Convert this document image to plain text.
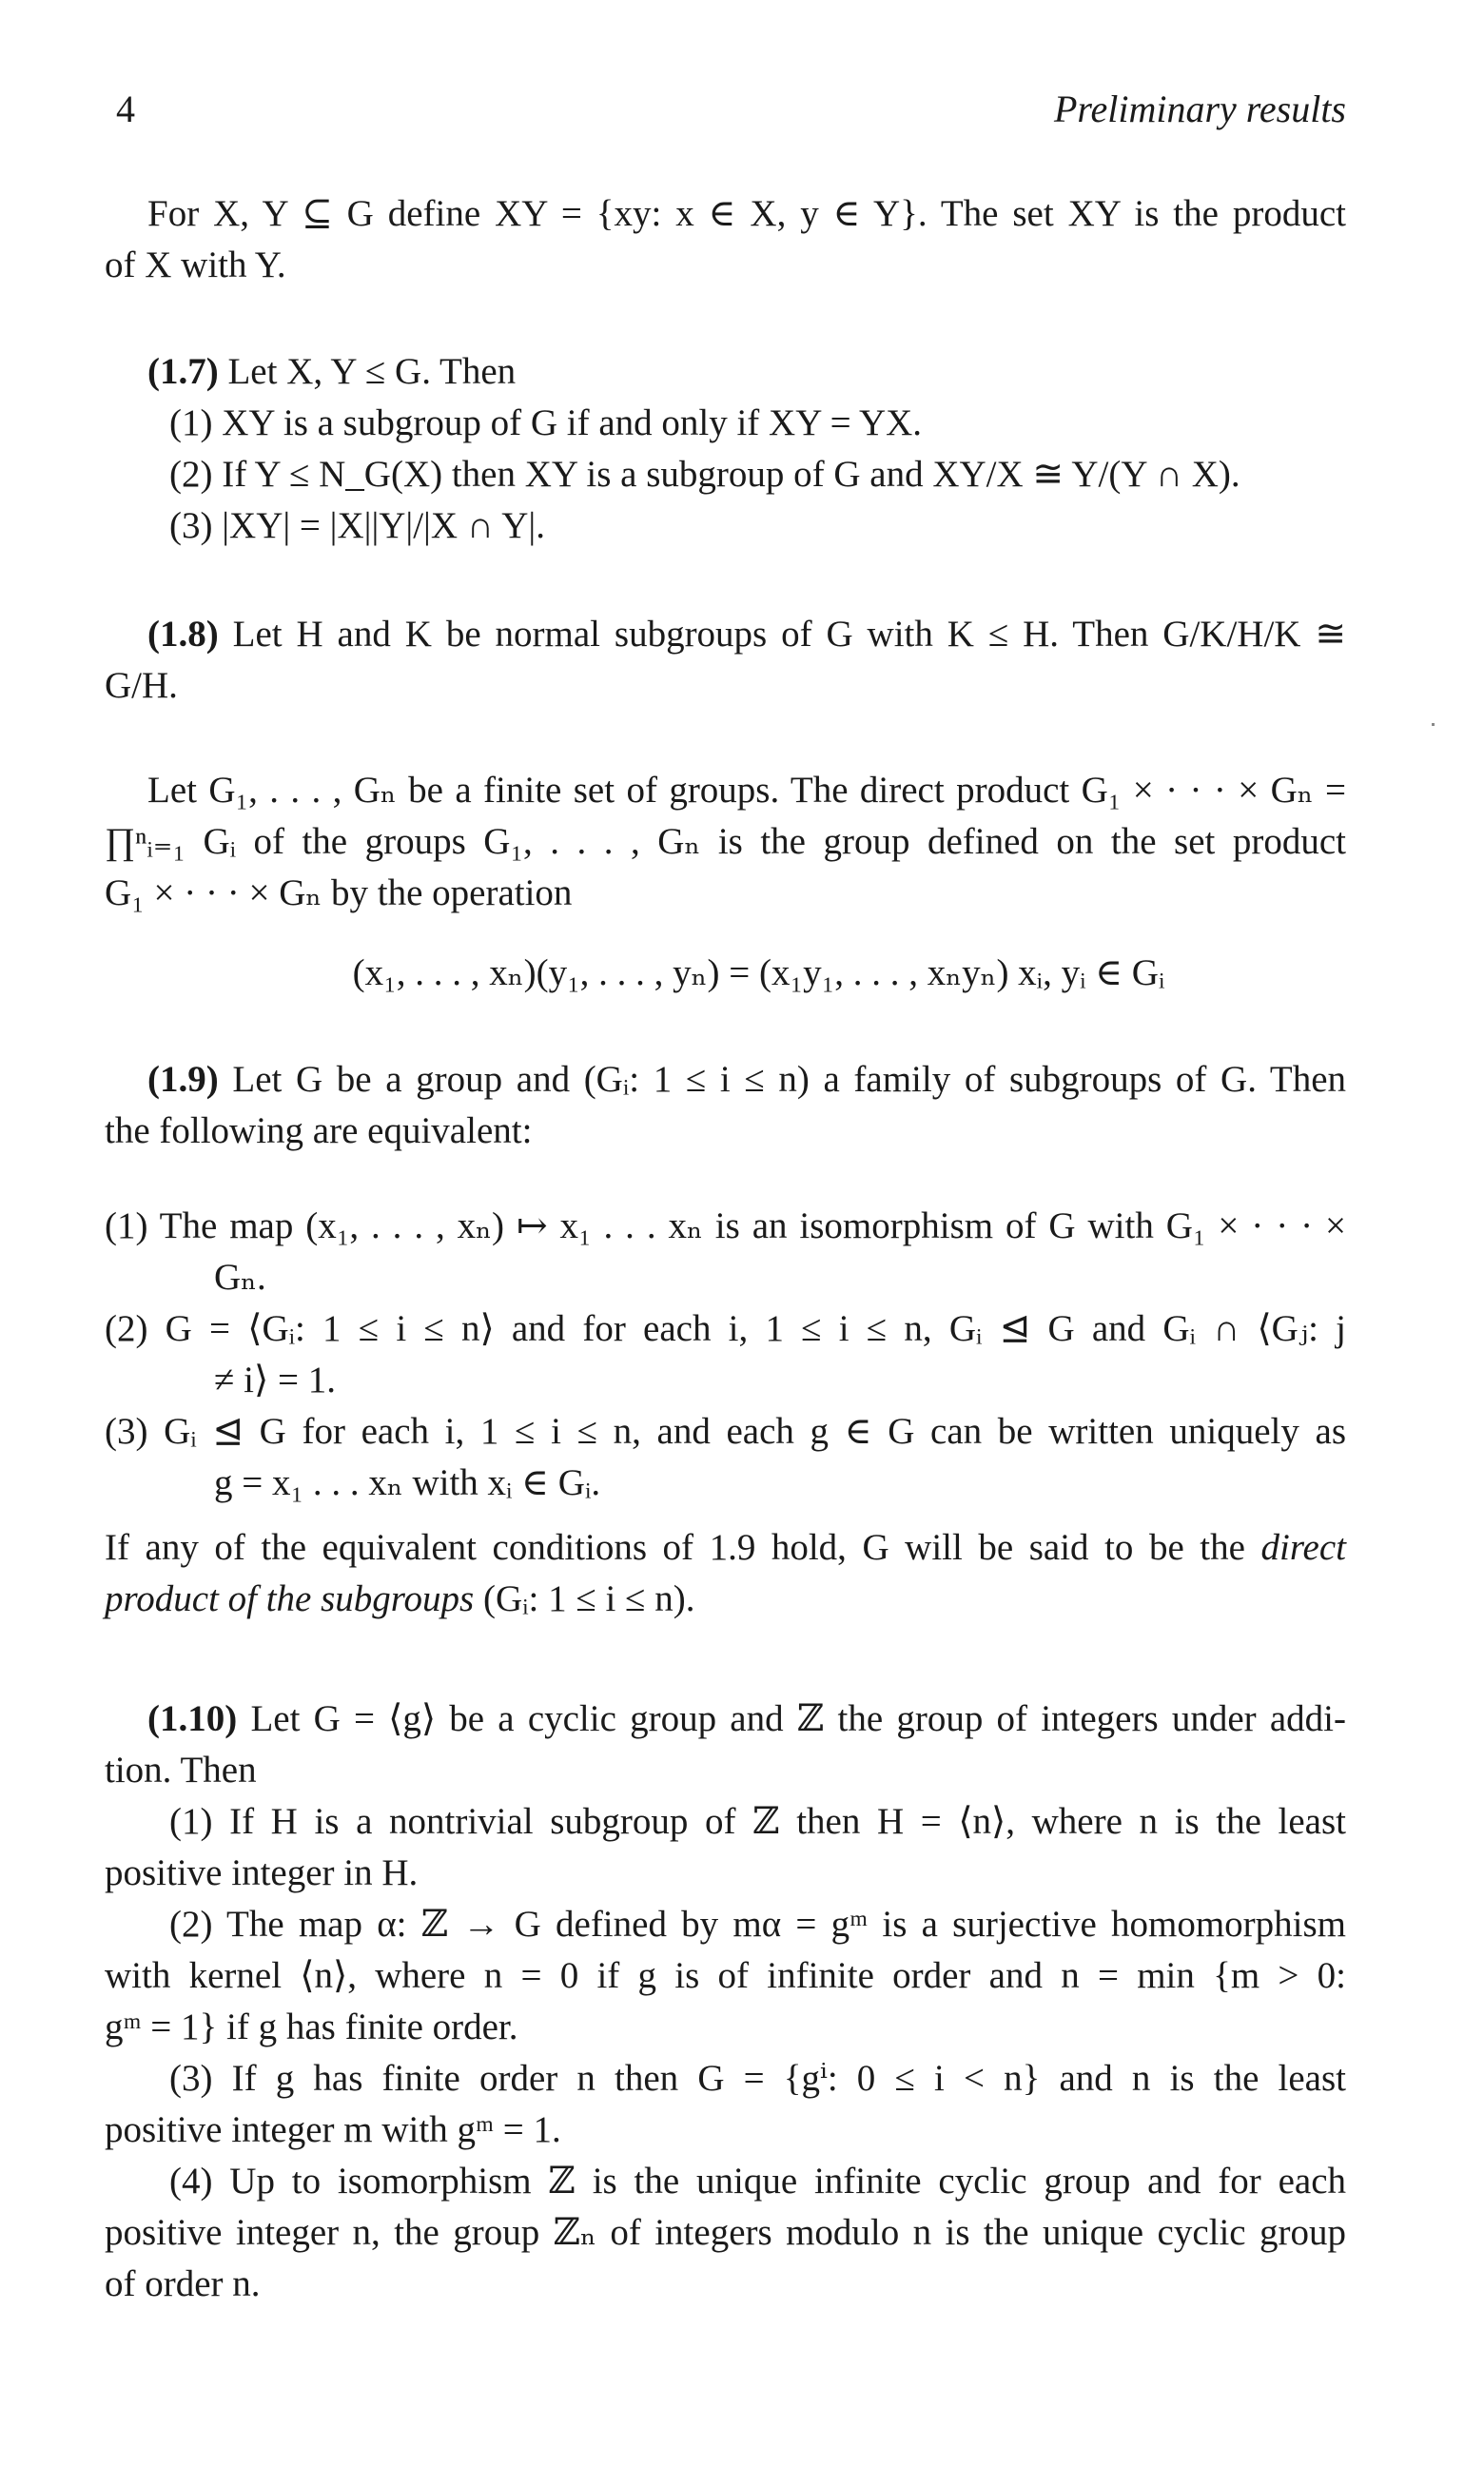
4	Preliminary results

For X, Y ⊆ G define XY = {xy: x ∈ X, y ∈ Y}. The set XY is the product
of X with Y.

(1.7) Let X, Y ≤ G. Then
(1) XY is a subgroup of G if and only if XY = YX.
(2) If Y ≤ N_G(X) then XY is a subgroup of G and XY/X ≅ Y/(Y ∩ X).
(3) |XY| = |X||Y|/|X ∩ Y|.

(1.8) Let H and K be normal subgroups of G with K ≤ H. Then G/K/H/K ≅
G/H.

Let G₁, . . . , Gₙ be a finite set of groups. The direct product G₁ × · · · × Gₙ =
∏ⁿᵢ₌₁ Gᵢ of the groups G₁, . . . , Gₙ is the group defined on the set product
G₁ × · · · × Gₙ by the operation

(x₁, . . . , xₙ)(y₁, . . . , yₙ) = (x₁y₁, . . . , xₙyₙ) xᵢ, yᵢ ∈ Gᵢ

(1.9) Let G be a group and (Gᵢ: 1 ≤ i ≤ n) a family of subgroups of G. Then
the following are equivalent:

(1) The map (x₁, . . . , xₙ) ↦ x₁ . . . xₙ is an isomorphism of G with G₁ × · · · ×
Gₙ.
(2) G = ⟨Gᵢ: 1 ≤ i ≤ n⟩ and for each i, 1 ≤ i ≤ n, Gᵢ ⊴ G and Gᵢ ∩ ⟨Gⱼ: j
≠ i⟩ = 1.
(3) Gᵢ ⊴ G for each i, 1 ≤ i ≤ n, and each g ∈ G can be written uniquely as
g = x₁ . . . xₙ with xᵢ ∈ Gᵢ.

If any of the equivalent conditions of 1.9 hold, G will be said to be the direct
product of the subgroups (Gᵢ: 1 ≤ i ≤ n).

(1.10) Let G = ⟨g⟩ be a cyclic group and ℤ the group of integers under addi-
tion. Then
(1) If H is a nontrivial subgroup of ℤ then H = ⟨n⟩, where n is the least
positive integer in H.
(2) The map α: ℤ → G defined by mα = gᵐ is a surjective homomorphism
with kernel ⟨n⟩, where n = 0 if g is of infinite order and n = min {m > 0:
gᵐ = 1} if g has finite order.
(3) If g has finite order n then G = {gⁱ: 0 ≤ i < n} and n is the least
positive integer m with gᵐ = 1.
(4) Up to isomorphism ℤ is the unique infinite cyclic group and for each
positive integer n, the group ℤₙ of integers modulo n is the unique cyclic group
of order n.
